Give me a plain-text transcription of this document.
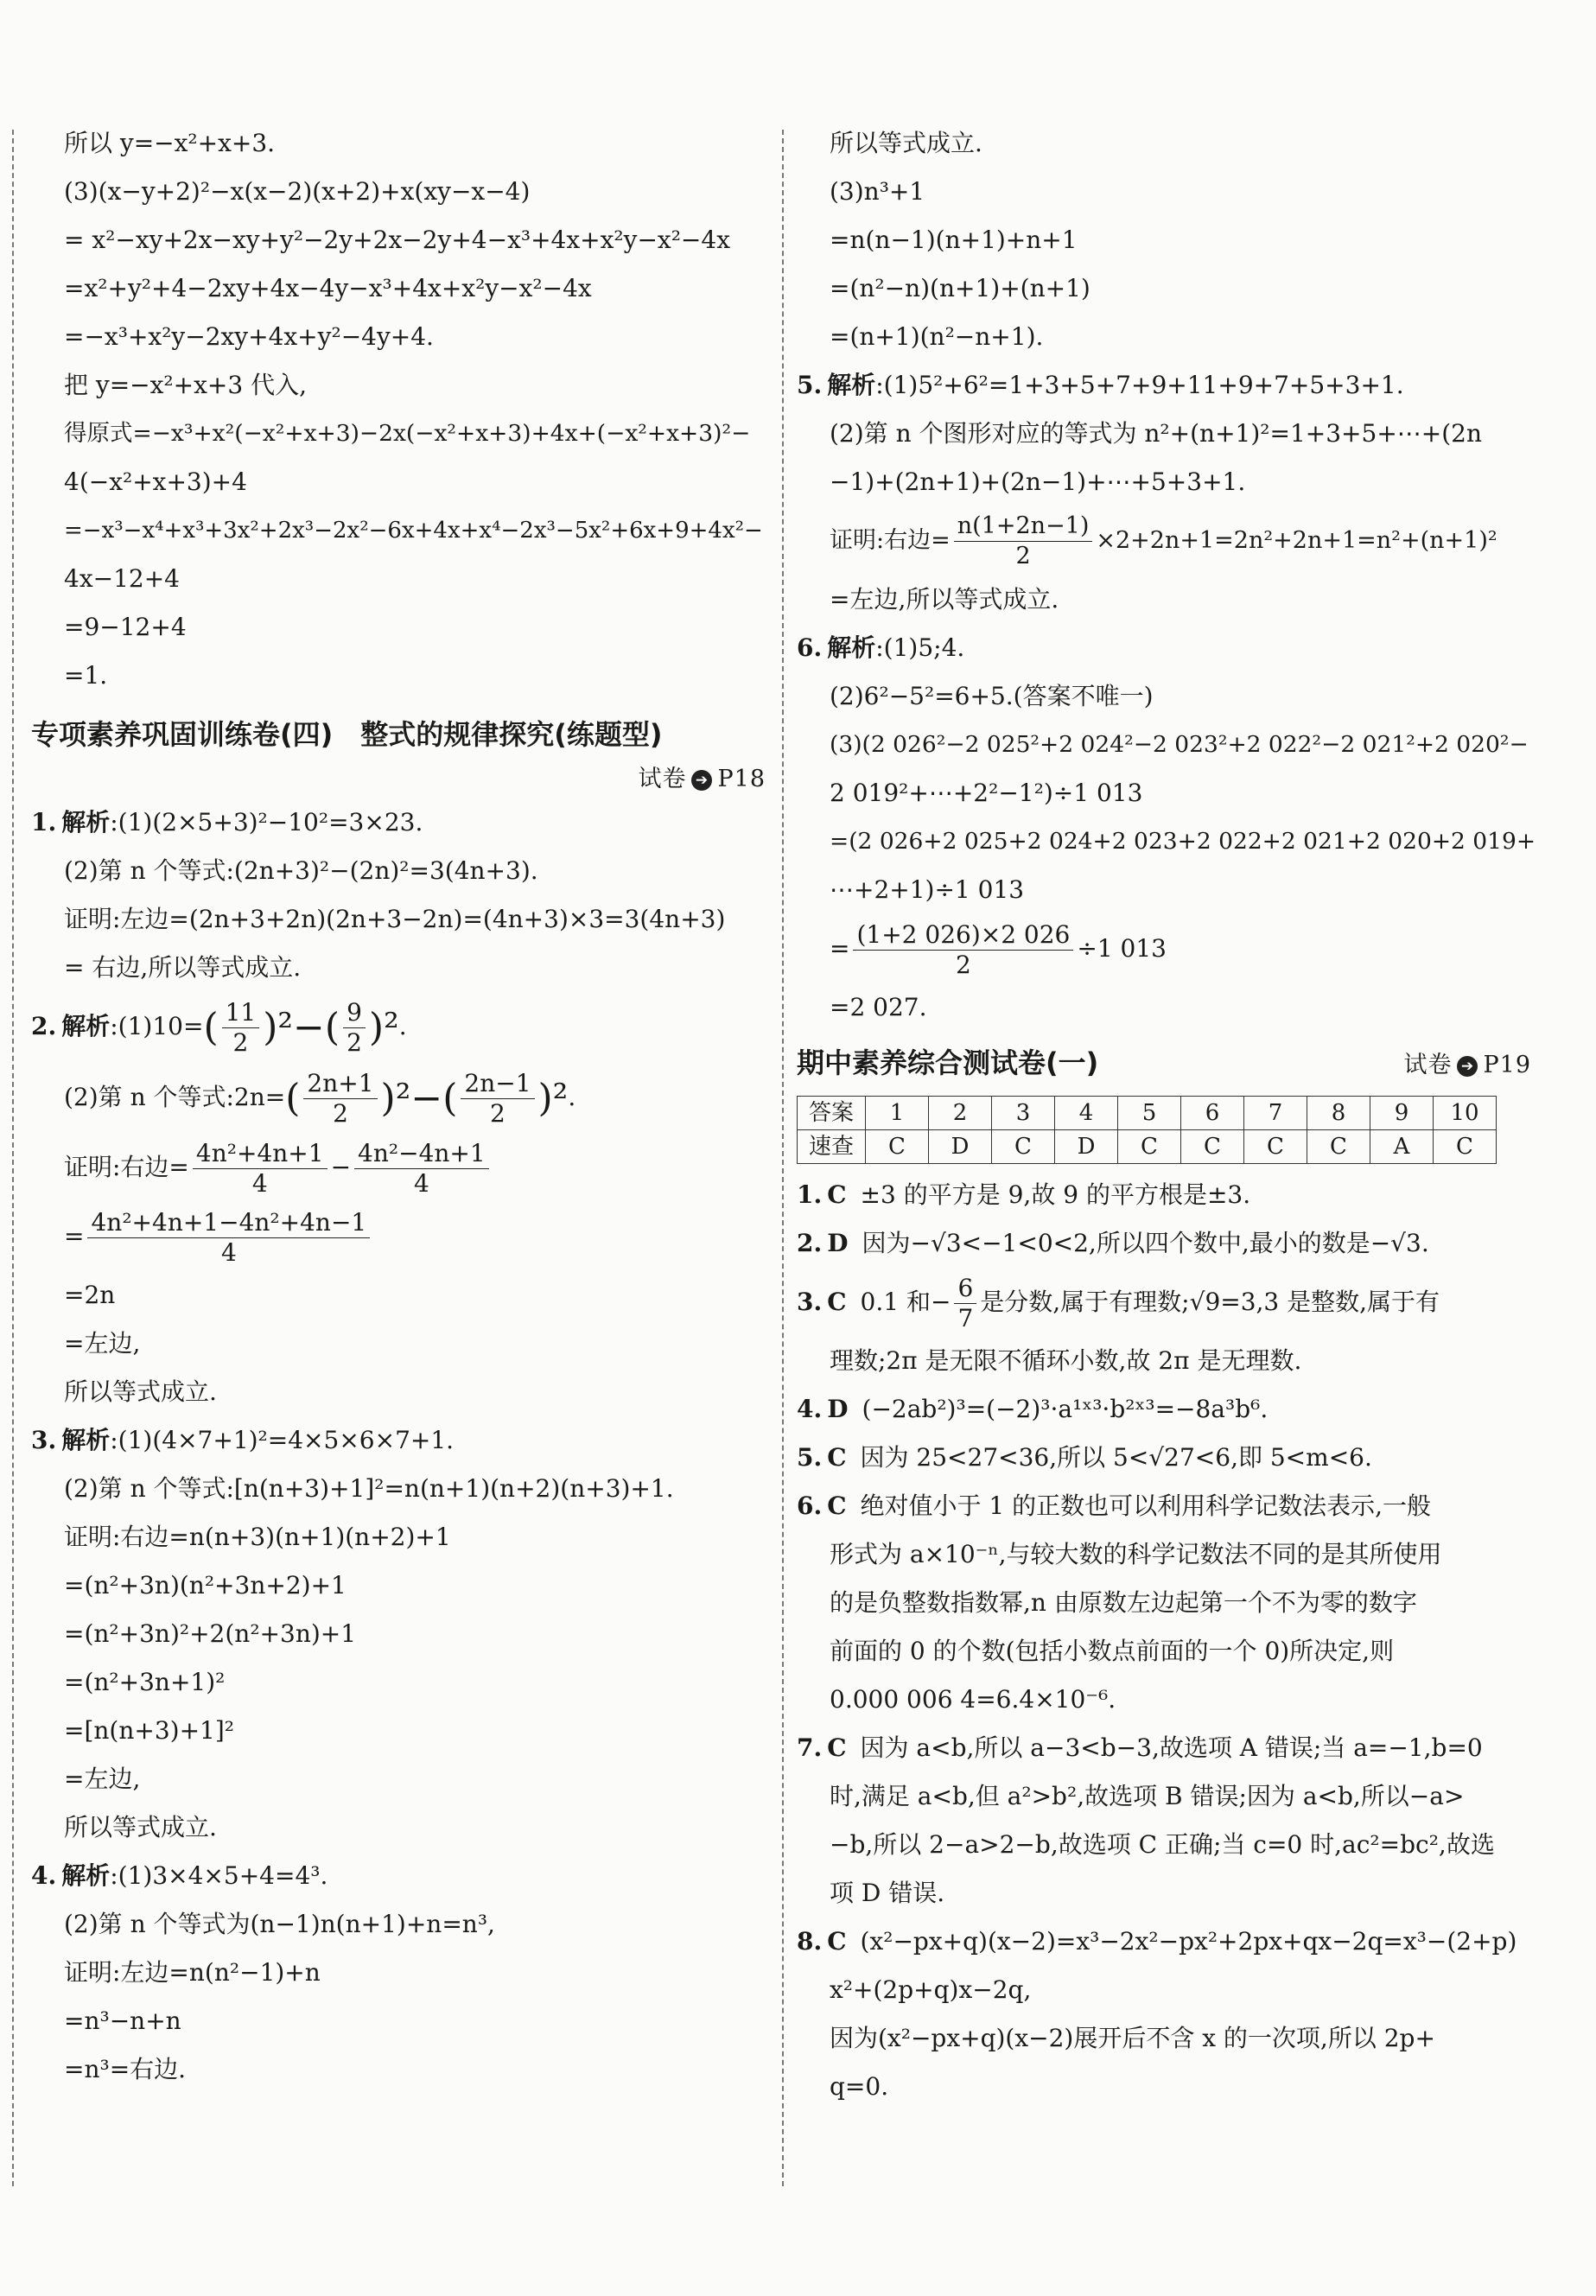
所以 y=−x²+x+3.
(3)(x−y+2)²−x(x−2)(x+2)+x(xy−x−4)
= x²−xy+2x−xy+y²−2y+2x−2y+4−x³+4x+x²y−x²−4x
=x²+y²+4−2xy+4x−4y−x³+4x+x²y−x²−4x
=−x³+x²y−2xy+4x+y²−4y+4.
把 y=−x²+x+3 代入,
得原式=−x³+x²(−x²+x+3)−2x(−x²+x+3)+4x+(−x²+x+3)²−
4(−x²+x+3)+4
=−x³−x⁴+x³+3x²+2x³−2x²−6x+4x+x⁴−2x³−5x²+6x+9+4x²−
4x−12+4
=9−12+4
=1.
专项素养巩固训练卷(四)　整式的规律探究(练题型)
试卷 ➔ P18
1. 解析:(1)(2×5+3)²−10²=3×23.
(2)第 n 个等式:(2n+3)²−(2n)²=3(4n+3).
证明:左边=(2n+3+2n)(2n+3−2n)=(4n+3)×3=3(4n+3)
= 右边,所以等式成立.
2. 解析:(1)10=( $\frac{11}{2} )^2-( \frac{9}{2} )^2$.
(2)第 n 个等式:2n=( $\frac{2n+1}{2} )^2-( \frac{2n-1}{2} )^2$.
证明:右边= $\frac{\text{4n²+4n+1}}{4} - \frac{\text{4n²−4n+1}}{4}$
= $\frac{\text{4n²+4n+1−4n²+4n−1}}{4}$
=2n
=左边,
所以等式成立.
3. 解析:(1)(4×7+1)²=4×5×6×7+1.
(2)第 n 个等式:[n(n+3)+1]²=n(n+1)(n+2)(n+3)+1.
证明:右边=n(n+3)(n+1)(n+2)+1
=(n²+3n)(n²+3n+2)+1
=(n²+3n)²+2(n²+3n)+1
=(n²+3n+1)²
=[n(n+3)+1]²
=左边,
所以等式成立.
4. 解析:(1)3×4×5+4=4³.
(2)第 n 个等式为(n−1)n(n+1)+n=n³,
证明:左边=n(n²−1)+n
=n³−n+n
=n³=右边.
所以等式成立.
(3)n³+1
=n(n−1)(n+1)+n+1
=(n²−n)(n+1)+(n+1)
=(n+1)(n²−n+1).
5. 解析:(1)5²+6²=1+3+5+7+9+11+9+7+5+3+1.
(2)第 n 个图形对应的等式为 n²+(n+1)²=1+3+5+⋯+(2n
−1)+(2n+1)+(2n−1)+⋯+5+3+1.
证明:右边= $\frac{n(1+2n-1)}{2} \times 2+2n+1=2n^2+2n+1=n^2+(n+1)^2$
=左边,所以等式成立.
6. 解析:(1)5;4.
(2)6²−5²=6+5.(答案不唯一)
(3)(2 026²−2 025²+2 024²−2 023²+2 022²−2 021²+2 020²−
2 019²+⋯+2²−1²)÷1 013
=(2 026+2 025+2 024+2 023+2 022+2 021+2 020+2 019+
⋯+2+1)÷1 013
= $\frac{(1+2 026)\times 2 026}{2} \div 1$ 013
=2 027.
期中素养综合测试卷(一)	试卷 ➔ P19
答案	1	2	3	4	5	6	7	8	9	10
速查	C	D	C	D	C	C	C	C	A	C
1. C ±3 的平方是 9,故 9 的平方根是±3.
2. D 因为−√3<−1<0<2,所以四个数中,最小的数是−√3.
3. C 0.1 和− $\frac{6}{7}$ 是分数,属于有理数;√9=3,3 是整数,属于有
理数;2π 是无限不循环小数,故 2π 是无理数.
4. D (−2ab²)³=(−2)³·a¹ˣ³·b²ˣ³=−8a³b⁶.
5. C 因为 25<27<36,所以 5<√27<6,即 5<m<6.
6. C 绝对值小于 1 的正数也可以利用科学记数法表示,一般
形式为 a×10⁻ⁿ,与较大数的科学记数法不同的是其所使用
的是负整数指数幂,n 由原数左边起第一个不为零的数字
前面的 0 的个数(包括小数点前面的一个 0)所决定,则
0.000 006 4=6.4×10⁻⁶.
7. C 因为 a<b,所以 a−3<b−3,故选项 A 错误;当 a=−1,b=0
时,满足 a<b,但 a²>b²,故选项 B 错误;因为 a<b,所以−a>
−b,所以 2−a>2−b,故选项 C 正确;当 c=0 时,ac²=bc²,故选
项 D 错误.
8. C (x²−px+q)(x−2)=x³−2x²−px²+2px+qx−2q=x³−(2+p)
x²+(2p+q)x−2q,
因为(x²−px+q)(x−2)展开后不含 x 的一次项,所以 2p+
q=0.
